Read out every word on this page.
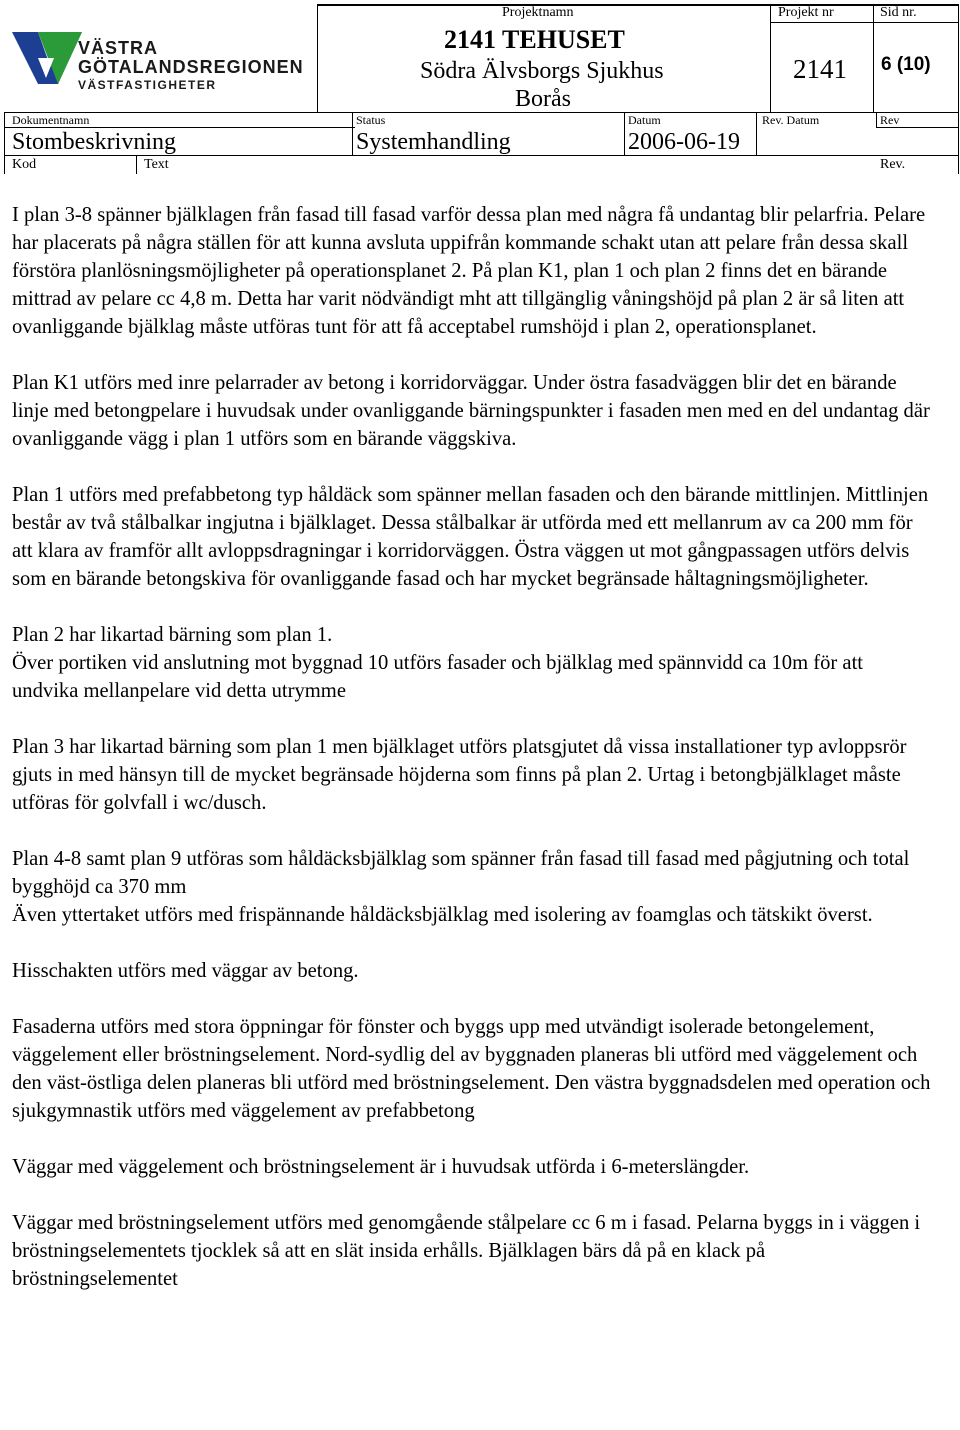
VÄSTRA
GÖTALANDSREGIONEN
VÄSTFASTIGHETER
Projektnamn
2141 TEHUSET
Södra Älvsborgs Sjukhus
Borås
Projekt nr
2141
Sid nr.
6 (10)
Dokumentnamn
Stombeskrivning
Status
Systemhandling
Datum
2006-06-19
Rev. Datum	Rev
Kod	Text	Rev.

I plan 3-8 spänner bjälklagen från fasad till fasad varför dessa plan med några få undantag blir pelarfria. Pelare har placerats på några ställen för att kunna avsluta uppifrån kommande schakt utan att pelare från dessa skall förstöra planlösningsmöjligheter på operationsplanet 2. På plan K1, plan 1 och plan 2 finns det en bärande mittrad av pelare cc 4,8 m. Detta har varit nödvändigt mht att tillgänglig våningshöjd på plan 2 är så liten att ovanliggande bjälklag måste utföras tunt för att få acceptabel rumshöjd i plan 2, operationsplanet.

Plan K1 utförs med inre pelarrader av betong i korridorväggar. Under östra fasadväggen blir det en bärande linje med betongpelare i huvudsak under ovanliggande bärningspunkter i fasaden men med en del undantag där ovanliggande vägg i plan 1 utförs som en bärande väggskiva.

Plan 1 utförs med prefabbetong typ håldäck som spänner mellan fasaden och den bärande mittlinjen. Mittlinjen består av två stålbalkar ingjutna i bjälklaget. Dessa stålbalkar är utförda med ett mellanrum av ca 200 mm för att klara av framför allt avloppsdragningar i korridorväggen. Östra väggen ut mot gångpassagen utförs delvis som en bärande betongskiva för ovanliggande fasad och har mycket begränsade håltagningsmöjligheter.

Plan 2 har likartad bärning som plan 1.
Över portiken vid anslutning mot byggnad 10 utförs fasader och bjälklag med spännvidd ca 10m för att undvika mellanpelare vid detta utrymme

Plan 3 har likartad bärning som plan 1 men bjälklaget utförs platsgjutet då vissa installationer typ avloppsrör gjuts in med hänsyn till de mycket begränsade höjderna som finns på plan 2. Urtag i betongbjälklaget måste utföras för golvfall i wc/dusch.

Plan 4-8 samt plan 9 utföras som håldäcksbjälklag som spänner från fasad till fasad med pågjutning och total bygghöjd ca 370 mm
Även yttertaket utförs med frispännande håldäcksbjälklag med isolering av foamglas och tätskikt överst.

Hisschakten utförs med väggar av betong.

Fasaderna utförs med stora öppningar för fönster och byggs upp med utvändigt isolerade betongelement, väggelement eller bröstningselement. Nord-sydlig del av byggnaden planeras bli utförd med väggelement och den väst-östliga delen planeras bli utförd med bröstningselement. Den västra byggnadsdelen med operation och sjukgymnastik utförs med väggelement av prefabbetong

Väggar med väggelement och bröstningselement är i huvudsak utförda i 6-meterslängder.

Väggar med bröstningselement utförs med genomgående stålpelare cc 6 m i fasad. Pelarna byggs in i väggen i bröstningselementets tjocklek så att en slät insida erhålls. Bjälklagen bärs då på en klack på bröstningselementet
